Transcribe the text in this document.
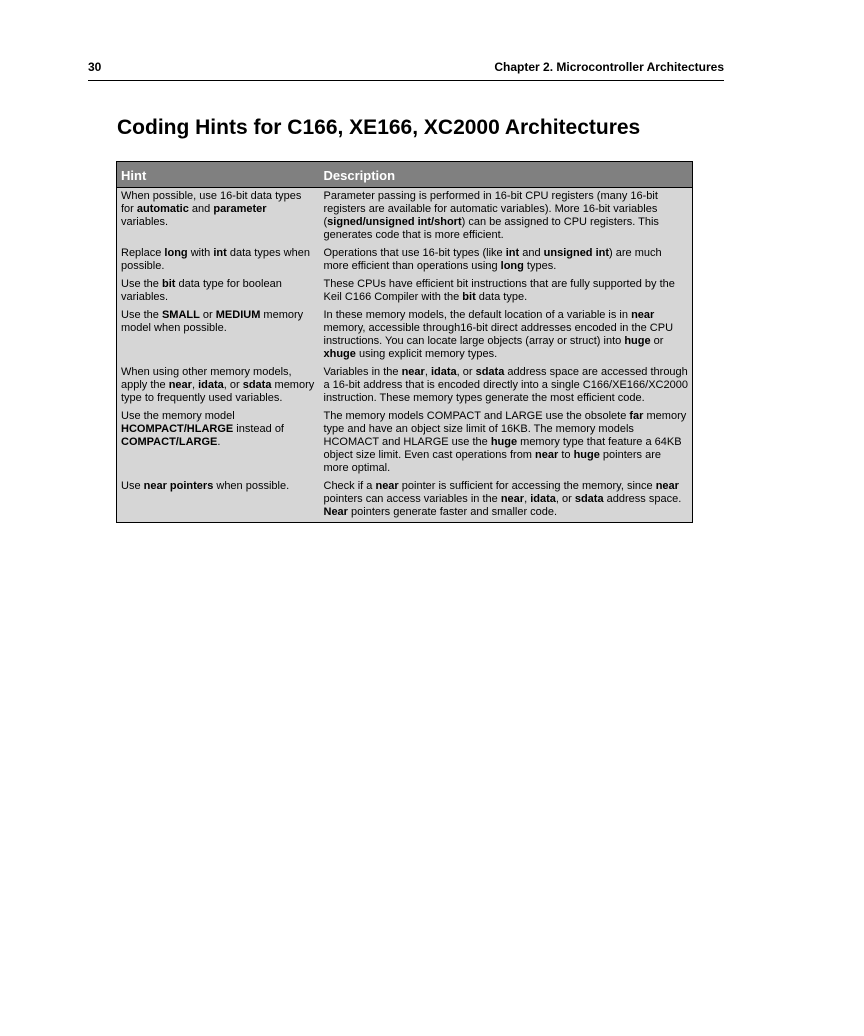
30	Chapter 2. Microcontroller Architectures
Coding Hints for C166, XE166, XC2000 Architectures
Hint	Description
When possible, use 16-bit data types for automatic and parameter variables.	Parameter passing is performed in 16-bit CPU registers (many 16-bit registers are available for automatic variables). More 16-bit variables (signed/unsigned int/short) can be assigned to CPU registers. This generates code that is more efficient.
Replace long with int data types when possible.	Operations that use 16-bit types (like int and unsigned int) are much more efficient than operations using long types.
Use the bit data type for boolean variables.	These CPUs have efficient bit instructions that are fully supported by the Keil C166 Compiler with the bit data type.
Use the SMALL or MEDIUM memory model when possible.	In these memory models, the default location of a variable is in near memory, accessible through16-bit direct addresses encoded in the CPU instructions. You can locate large objects (array or struct) into huge or xhuge using explicit memory types.
When using other memory models, apply the near, idata, or sdata memory type to frequently used variables.	Variables in the near, idata, or sdata address space are accessed through a 16-bit address that is encoded directly into a single C166/XE166/XC2000 instruction. These memory types generate the most efficient code.
Use the memory model HCOMPACT/HLARGE instead of COMPACT/LARGE.	The memory models COMPACT and LARGE use the obsolete far memory type and have an object size limit of 16KB. The memory models HCOMACT and HLARGE use the huge memory type that feature a 64KB object size limit. Even cast operations from near to huge pointers are more optimal.
Use near pointers when possible.	Check if a near pointer is sufficient for accessing the memory, since near pointers can access variables in the near, idata, or sdata address space. Near pointers generate faster and smaller code.
